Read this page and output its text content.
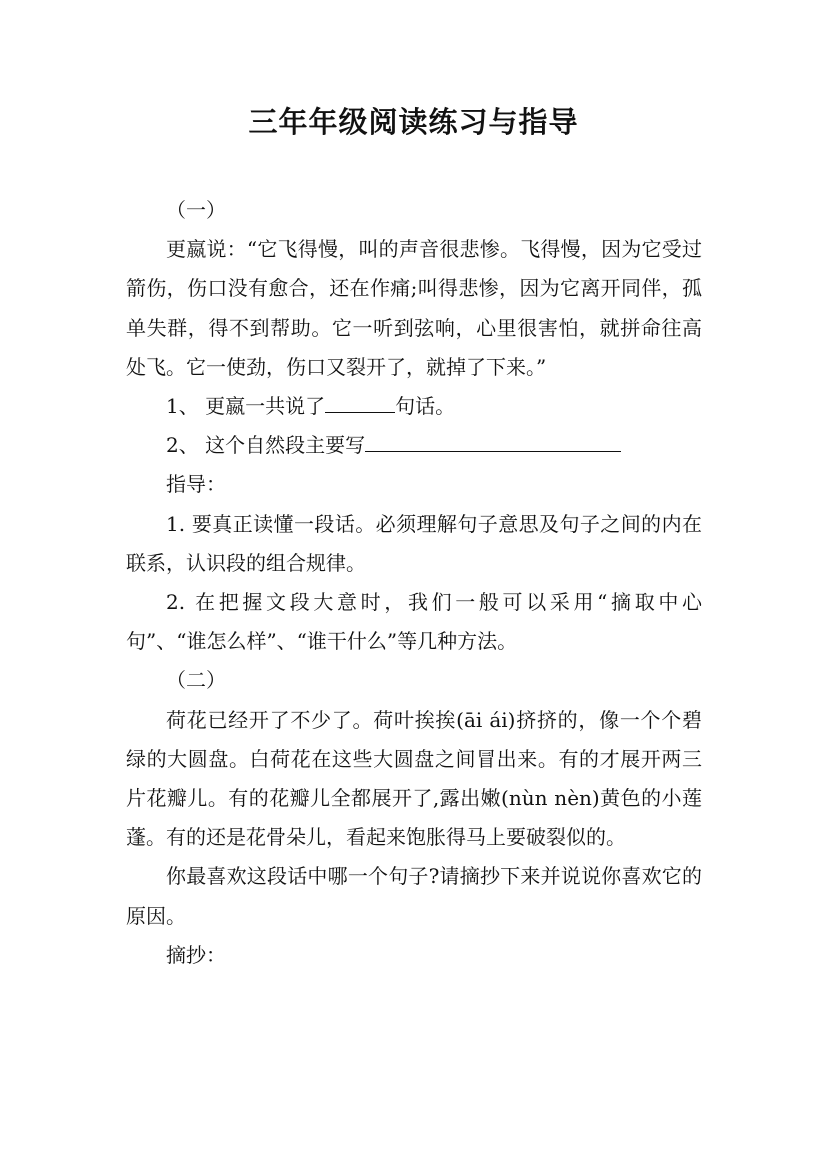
三年年级阅读练习与指导

（一）

更嬴说：“它飞得慢，叫的声音很悲惨。飞得慢，因为它受过箭伤，伤口没有愈合，还在作痛;叫得悲惨，因为它离开同伴，孤单失群，得不到帮助。它一听到弦响，心里很害怕，就拼命往高处飞。它一使劲，伤口又裂开了，就掉了下来。”

1、 更嬴一共说了	句话。

2、 这个自然段主要写

指导：

1. 要真正读懂一段话。必须理解句子意思及句子之间的内在联系，认识段的组合规律。

2. 在把握文段大意时，我们一般可以采用“摘取中心句”、“谁怎么样”、“谁干什么”等几种方法。

（二）

荷花已经开了不少了。荷叶挨挨(āi ái)挤挤的，像一个个碧绿的大圆盘。白荷花在这些大圆盘之间冒出来。有的才展开两三片花瓣儿。有的花瓣儿全都展开了,露出嫩(nùn nèn)黄色的小莲蓬。有的还是花骨朵儿，看起来饱胀得马上要破裂似的。

你最喜欢这段话中哪一个句子?请摘抄下来并说说你喜欢它的原因。

摘抄：
